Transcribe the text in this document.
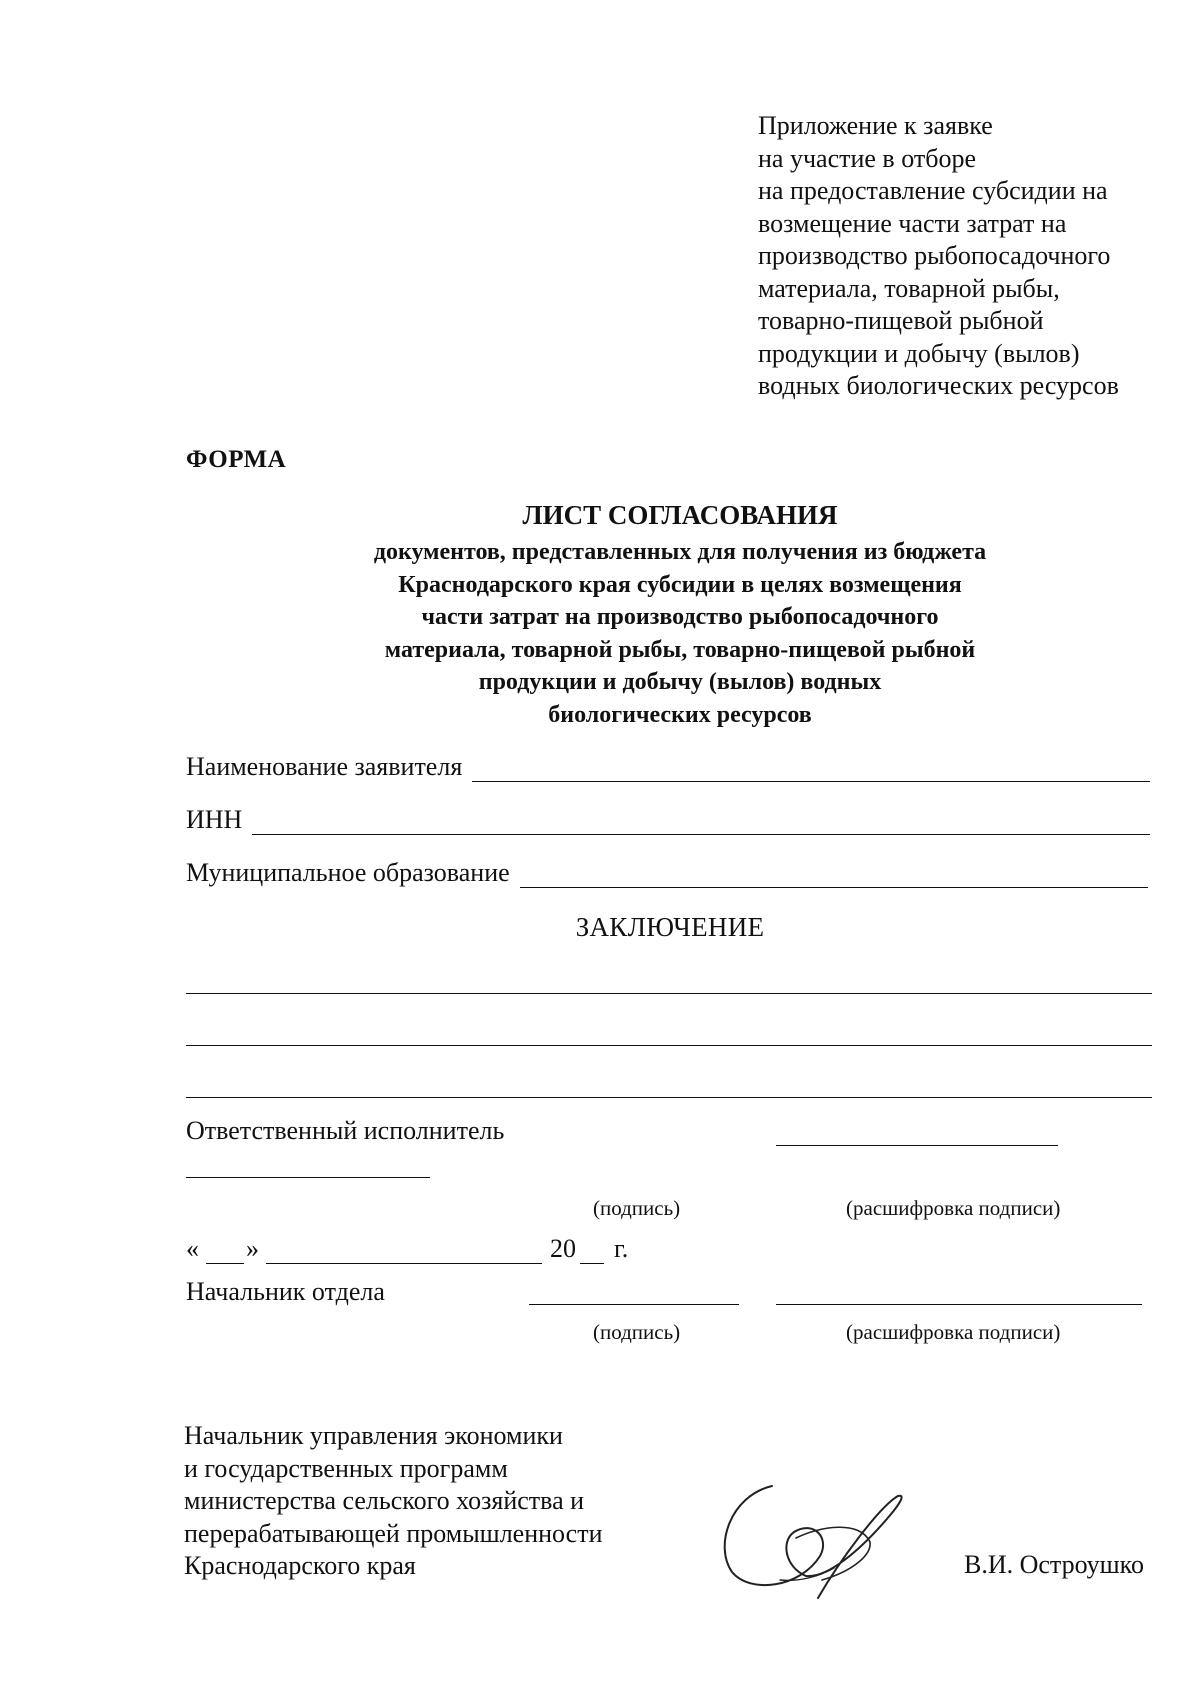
Приложение к заявке
на участие в отборе
на предоставление субсидии на
возмещение части затрат на
производство рыбопосадочного
материала, товарной рыбы,
товарно-пищевой рыбной
продукции и добычу (вылов)
водных биологических ресурсов
ФОРМА
ЛИСТ СОГЛАСОВАНИЯ
документов, представленных для получения из бюджета
Краснодарского края субсидии в целях возмещения
части затрат на производство рыбопосадочного
материала, товарной рыбы, товарно-пищевой рыбной
продукции и добычу (вылов) водных
биологических ресурсов
Наименование заявителя
ИНН
Муниципальное образование
ЗАКЛЮЧЕНИЕ
Ответственный исполнитель
(подпись)	(расшифровка подписи)
« »	20 г.
Начальник отдела
(подпись)	(расшифровка подписи)
Начальник управления экономики
и государственных программ
министерства сельского хозяйства и
перерабатывающей промышленности
Краснодарского края	В.И. Остроушко
